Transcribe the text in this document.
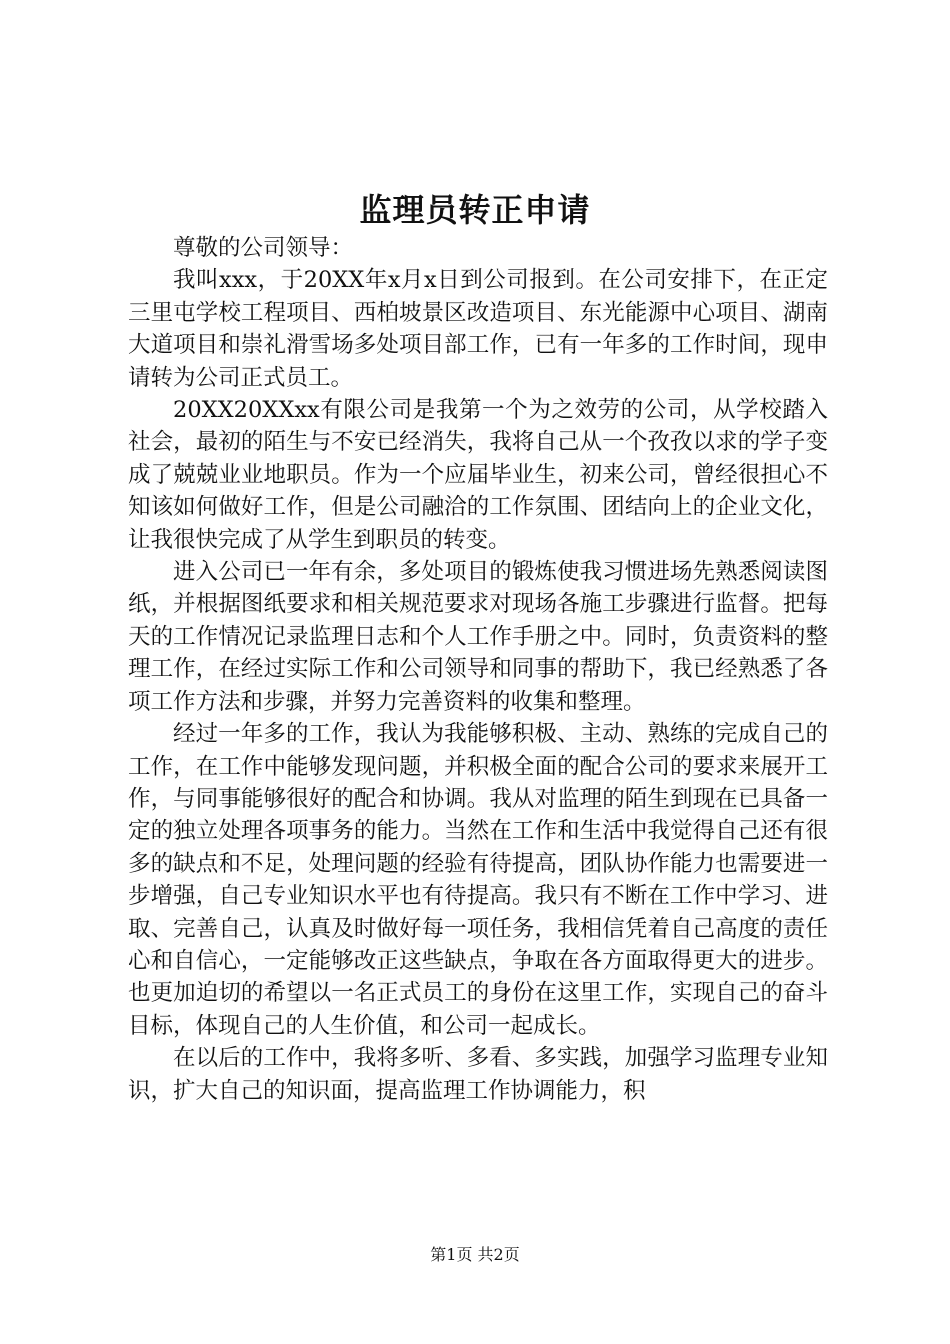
监理员转正申请

尊敬的公司领导：

我叫xxx，于20XX年x月x日到公司报到。在公司安排下，在正定三里屯学校工程项目、西柏坡景区改造项目、东光能源中心项目、湖南大道项目和崇礼滑雪场多处项目部工作，已有一年多的工作时间，现申请转为公司正式员工。

20XX20XXxx有限公司是我第一个为之效劳的公司，从学校踏入社会，最初的陌生与不安已经消失，我将自己从一个孜孜以求的学子变成了兢兢业业地职员。作为一个应届毕业生，初来公司，曾经很担心不知该如何做好工作，但是公司融洽的工作氛围、团结向上的企业文化，让我很快完成了从学生到职员的转变。

进入公司已一年有余，多处项目的锻炼使我习惯进场先熟悉阅读图纸，并根据图纸要求和相关规范要求对现场各施工步骤进行监督。把每天的工作情况记录监理日志和个人工作手册之中。同时，负责资料的整理工作，在经过实际工作和公司领导和同事的帮助下，我已经熟悉了各项工作方法和步骤，并努力完善资料的收集和整理。

经过一年多的工作，我认为我能够积极、主动、熟练的完成自己的工作，在工作中能够发现问题，并积极全面的配合公司的要求来展开工作，与同事能够很好的配合和协调。我从对监理的陌生到现在已具备一定的独立处理各项事务的能力。当然在工作和生活中我觉得自己还有很多的缺点和不足，处理问题的经验有待提高，团队协作能力也需要进一步增强，自己专业知识水平也有待提高。我只有不断在工作中学习、进取、完善自己，认真及时做好每一项任务，我相信凭着自己高度的责任心和自信心，一定能够改正这些缺点，争取在各方面取得更大的进步。也更加迫切的希望以一名正式员工的身份在这里工作，实现自己的奋斗目标，体现自己的人生价值，和公司一起成长。

在以后的工作中，我将多听、多看、多实践，加强学习监理专业知识，扩大自己的知识面，提高监理工作协调能力，积

第1页 共2页
